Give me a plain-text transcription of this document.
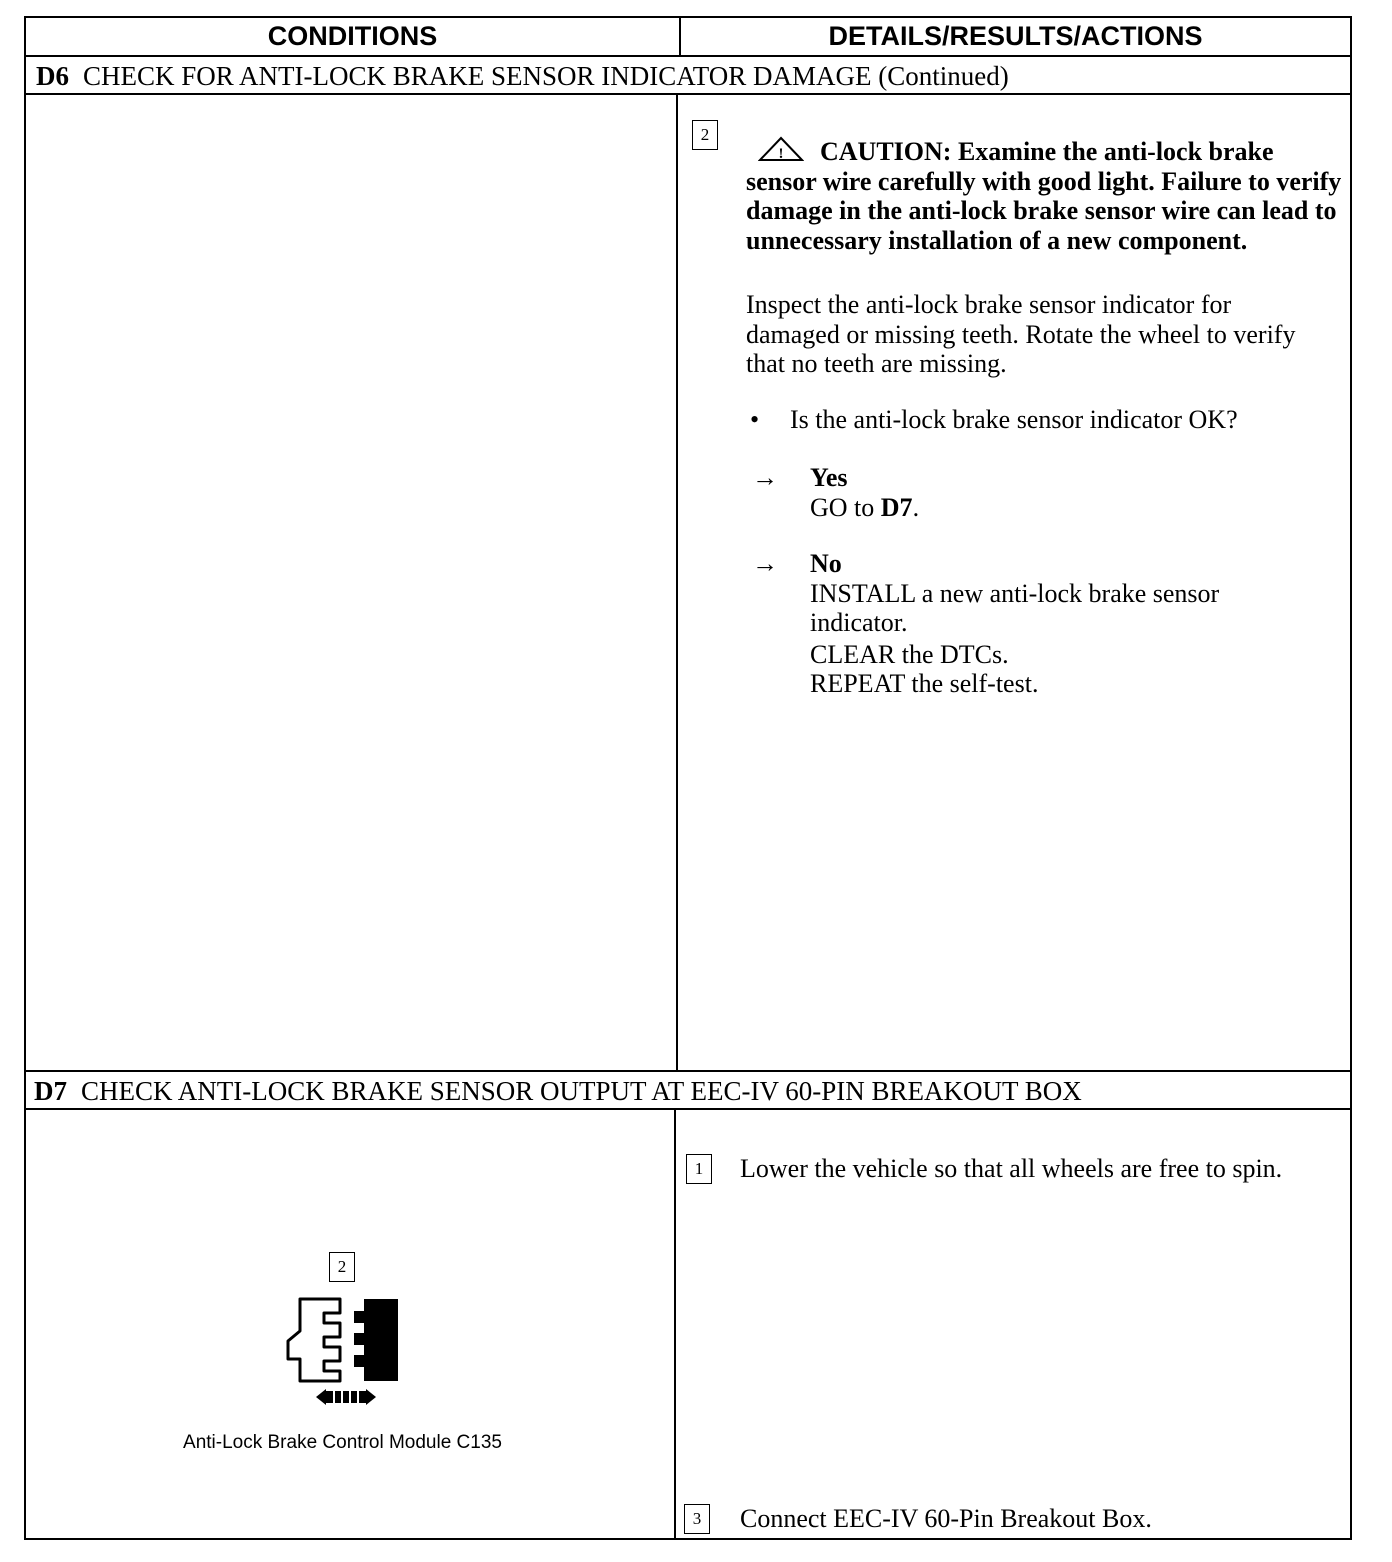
CONDITIONS	DETAILS/RESULTS/ACTIONS
D6 CHECK FOR ANTI-LOCK BRAKE SENSOR INDICATOR DAMAGE (Continued)
2
! CAUTION: Examine the anti-lock brake sensor wire carefully with good light. Failure to verify damage in the anti-lock brake sensor wire can lead to unnecessary installation of a new component.
Inspect the anti-lock brake sensor indicator for damaged or missing teeth. Rotate the wheel to verify that no teeth are missing.
• Is the anti-lock brake sensor indicator OK?
→ Yes
GO to D7.
→ No
INSTALL a new anti-lock brake sensor indicator.
CLEAR the DTCs.
REPEAT the self-test.
D7 CHECK ANTI-LOCK BRAKE SENSOR OUTPUT AT EEC-IV 60-PIN BREAKOUT BOX
2
Anti-Lock Brake Control Module C135
1	Lower the vehicle so that all wheels are free to spin.
3	Connect EEC-IV 60-Pin Breakout Box.
